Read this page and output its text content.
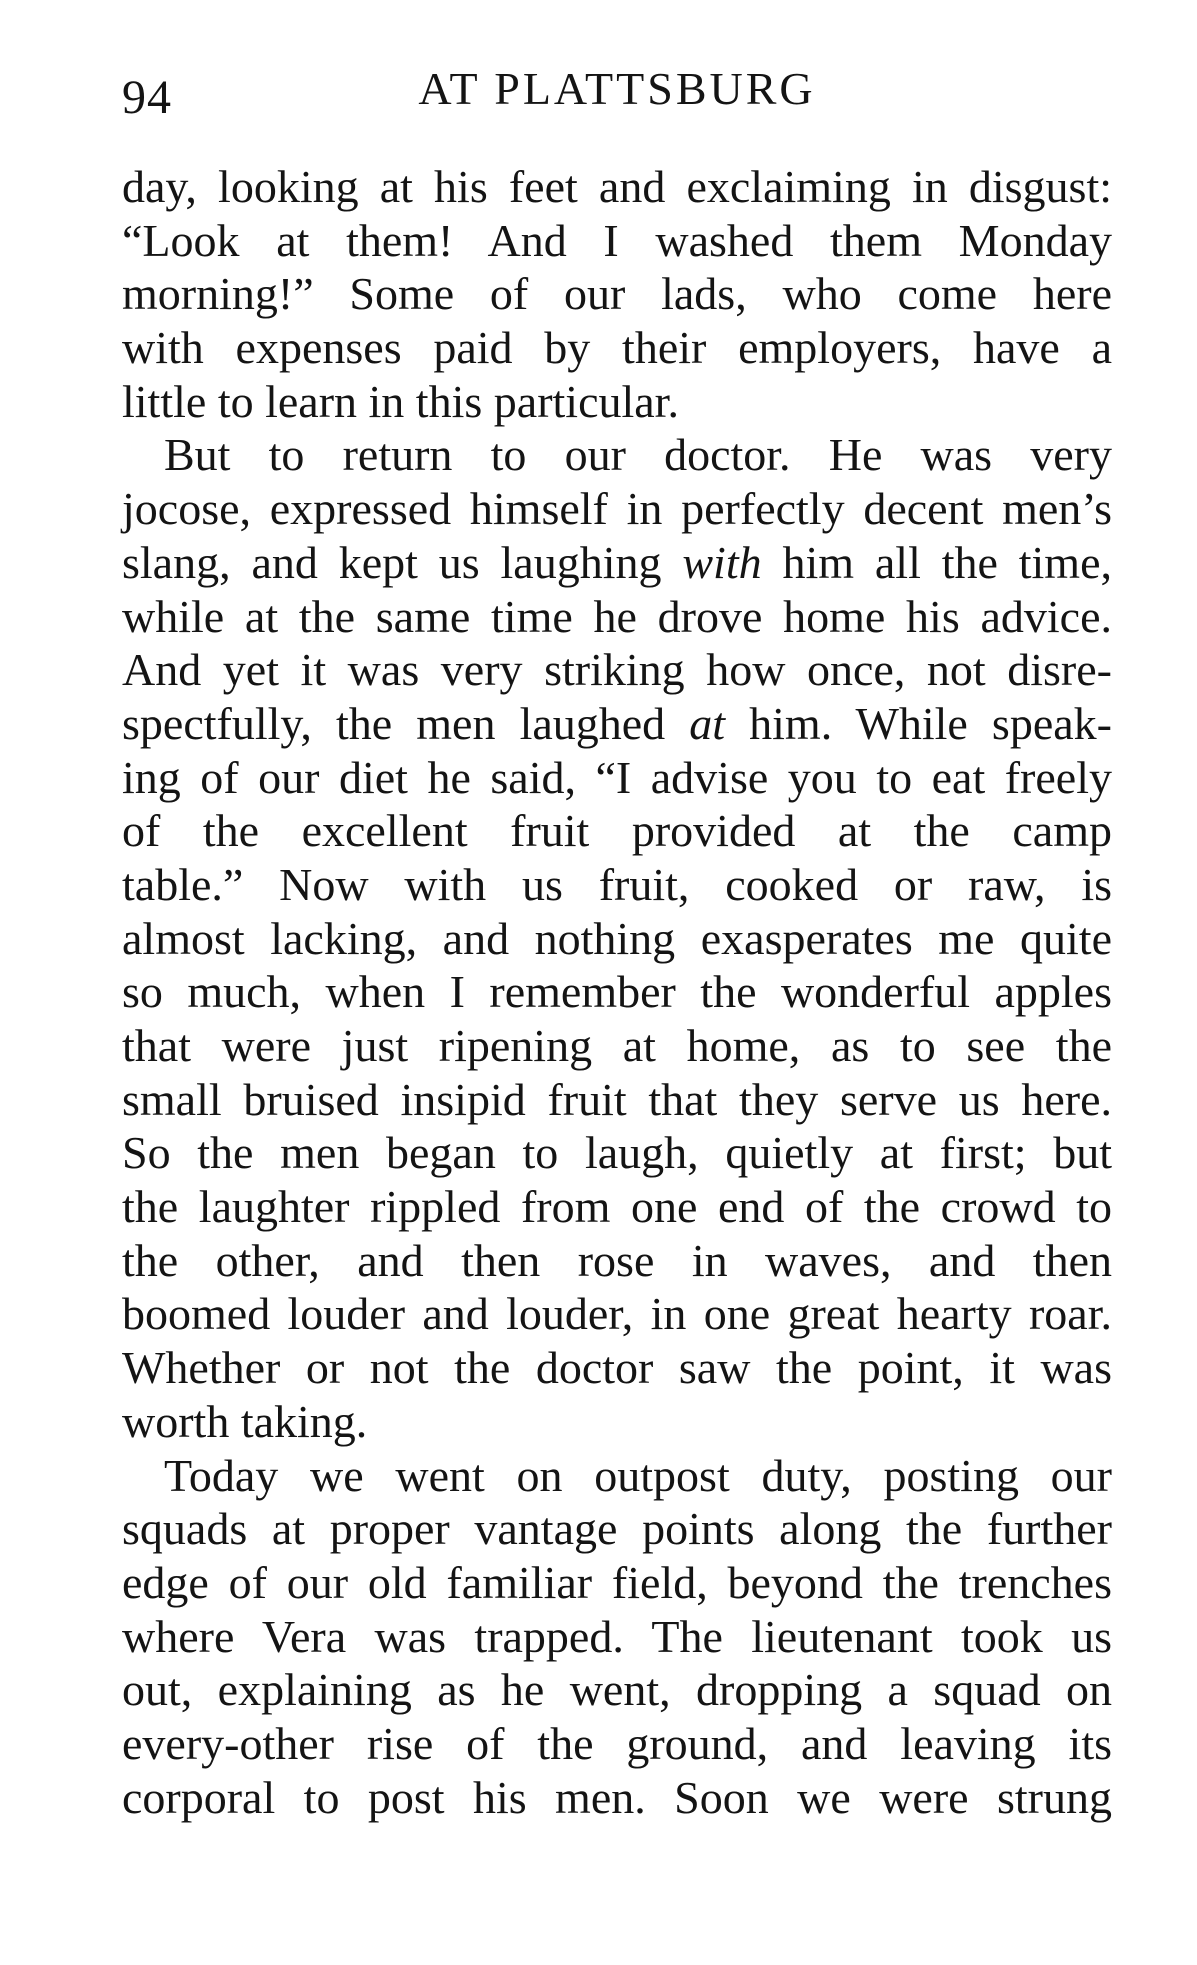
94	AT PLATTSBURG
day, looking at his feet and exclaiming in disgust:
“Look at them! And I washed them Monday
morning!” Some of our lads, who come here
with expenses paid by their employers, have a
little to learn in this particular.
But to return to our doctor. He was very
jocose, expressed himself in perfectly decent men’s
slang, and kept us laughing with him all the time,
while at the same time he drove home his advice.
And yet it was very striking how once, not disre-
spectfully, the men laughed at him. While speak-
ing of our diet he said, “I advise you to eat freely
of the excellent fruit provided at the camp
table.” Now with us fruit, cooked or raw, is
almost lacking, and nothing exasperates me quite
so much, when I remember the wonderful apples
that were just ripening at home, as to see the
small bruised insipid fruit that they serve us here.
So the men began to laugh, quietly at first; but
the laughter rippled from one end of the crowd to
the other, and then rose in waves, and then
boomed louder and louder, in one great hearty roar.
Whether or not the doctor saw the point, it was
worth taking.
Today we went on outpost duty, posting our
squads at proper vantage points along the further
edge of our old familiar field, beyond the trenches
where Vera was trapped. The lieutenant took us
out, explaining as he went, dropping a squad on
every-other rise of the ground, and leaving its
corporal to post his men. Soon we were strung
